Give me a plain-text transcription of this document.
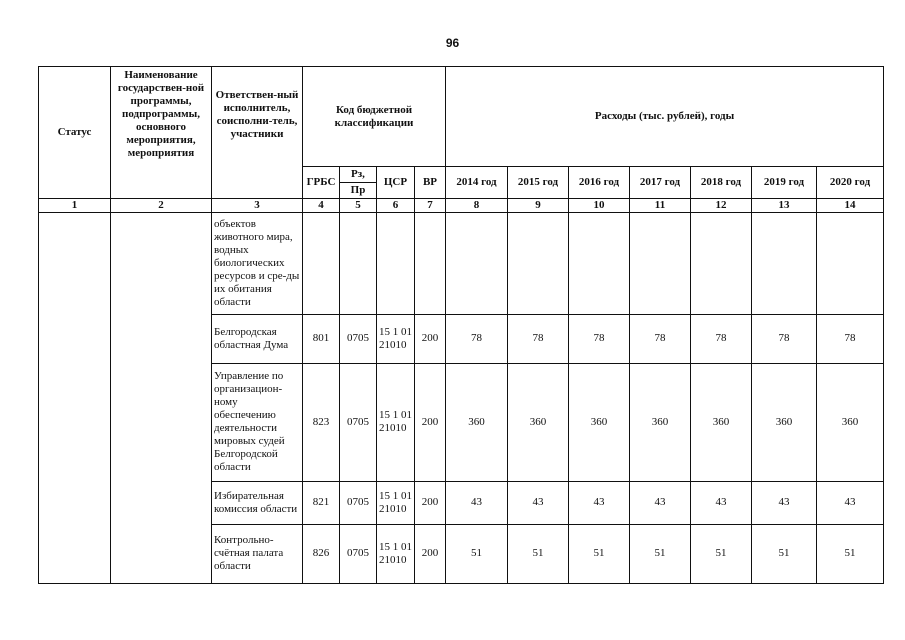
96
Статус	Наименование государствен-ной программы, подпрограммы, основного мероприятия, мероприятия	Ответствен-ный исполнитель, соисполни-тель, участники	Код бюджетной классификации				Расходы (тыс. рублей), годы						
			ГРБС	Рз,	ЦСР	ВР	2014 год	2015 год	2016 год	2017 год	2018 год	2019 год	2020 год
				Пр									
1	2	3	4	5	6	7	8	9	10	11	12	13	14
		объектов животного мира, водных биологических ресурсов и сре-ды их обитания области											
		Белгородская областная Дума	801	0705	15 1 01 21010	200	78	78	78	78	78	78	78
		Управление по организацион-ному обеспечению деятельности мировых судей Белгородской области	823	0705	15 1 01 21010	200	360	360	360	360	360	360	360
		Избирательная комиссия области	821	0705	15 1 01 21010	200	43	43	43	43	43	43	43
		Контрольно-счётная палата области	826	0705	15 1 01 21010	200	51	51	51	51	51	51	51
